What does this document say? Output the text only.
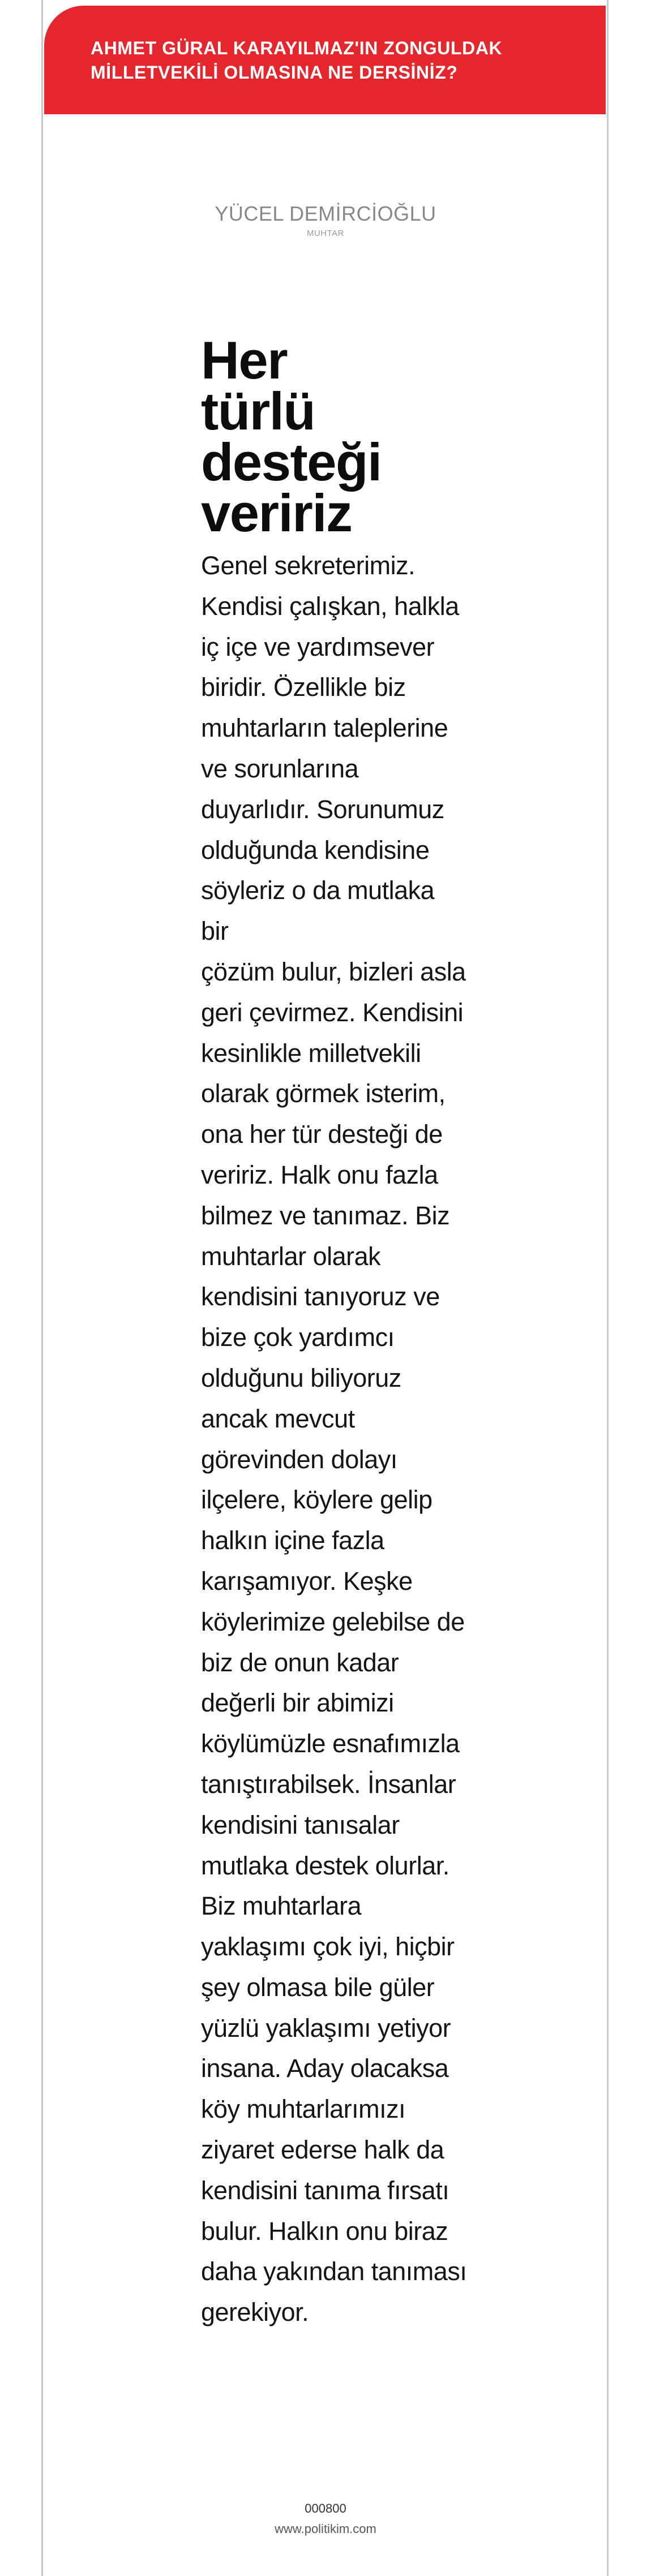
AHMET GÜRAL KARAYILMAZ'IN ZONGULDAK
MİLLETVEKİLİ OLMASINA NE DERSİNİZ?
YÜCEL DEMİRCİOĞLU
MUHTAR
Her
türlü
desteği
veririz

Genel sekreterimiz.
Kendisi çalışkan, halkla
iç içe ve yardımsever
biridir. Özellikle biz
muhtarların taleplerine
ve sorunlarına
duyarlıdır. Sorunumuz
olduğunda kendisine
söyleriz o da mutlaka bir
çözüm bulur, bizleri asla
geri çevirmez. Kendisini
kesinlikle milletvekili
olarak görmek isterim,
ona her tür desteği de
veririz. Halk onu fazla
bilmez ve tanımaz. Biz
muhtarlar olarak
kendisini tanıyoruz ve
bize çok yardımcı
olduğunu biliyoruz
ancak mevcut
görevinden dolayı
ilçelere, köylere gelip
halkın içine fazla
karışamıyor. Keşke
köylerimize gelebilse de
biz de onun kadar
değerli bir abimizi
köylümüzle esnafımızla
tanıştırabilsek. İnsanlar
kendisini tanısalar
mutlaka destek olurlar.
Biz muhtarlara
yaklaşımı çok iyi, hiçbir
şey olmasa bile güler
yüzlü yaklaşımı yetiyor
insana. Aday olacaksa
köy muhtarlarımızı
ziyaret ederse halk da
kendisini tanıma fırsatı
bulur. Halkın onu biraz
daha yakından tanıması
gerekiyor.

000800
www.politikim.com
